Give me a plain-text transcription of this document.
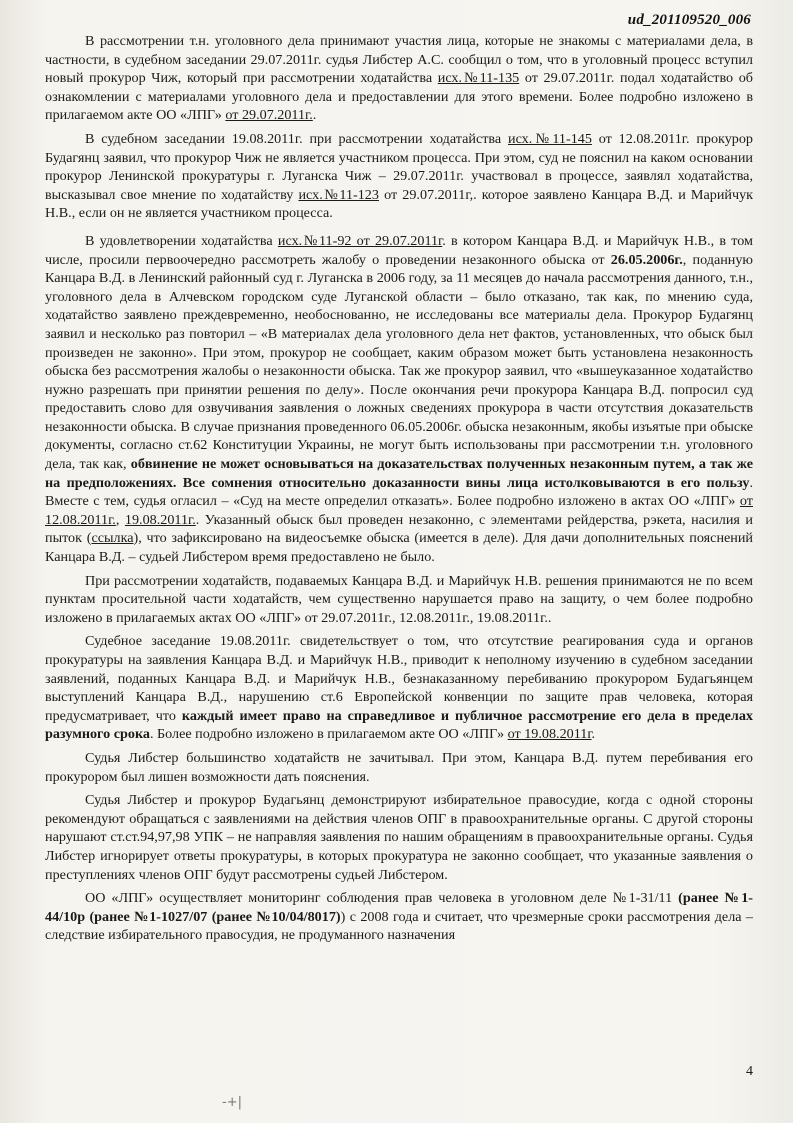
ud_201109520_006

В рассмотрении т.н. уголовного дела принимают участия лица, которые не знакомы с материалами дела, в частности, в судебном заседании 29.07.2011г. судья Либстер А.С. сообщил о том, что в уголовный процесс вступил новый прокурор Чиж, который при рассмотрении ходатайства исх.№11-135 от 29.07.2011г. подал ходатайство об ознакомлении с материалами уголовного дела и предоставлении для этого времени. Более подробно изложено в прилагаемом акте ОО «ЛПГ» от 29.07.2011г..

В судебном заседании 19.08.2011г. при рассмотрении ходатайства исх.№11-145 от 12.08.2011г. прокурор Будагянц заявил, что прокурор Чиж не является участником процесса. При этом, суд не пояснил на каком основании прокурор Ленинской прокуратуры г. Луганска Чиж – 29.07.2011г. участвовал в процессе, заявлял ходатайства, высказывал свое мнение по ходатайству исх.№11-123 от 29.07.2011г,. которое заявлено Канцара В.Д. и Марийчук Н.В., если он не является участником процесса.

В удовлетворении ходатайства исх.№11-92 от 29.07.2011г. в котором Канцара В.Д. и Марийчук Н.В., в том числе, просили первоочередно рассмотреть жалобу о проведении незаконного обыска от 26.05.2006г., поданную Канцара В.Д. в Ленинский районный суд г. Луганска в 2006 году, за 11 месяцев до начала рассмотрения данного, т.н., уголовного дела в Алчевском городском суде Луганской области – было отказано, так как, по мнению суда, ходатайство заявлено преждевременно, необоснованно, не исследованы все материалы дела. Прокурор Будагянц заявил и несколько раз повторил – «В материалах дела уголовного дела нет фактов, установленных, что обыск был произведен не законно». При этом, прокурор не сообщает, каким образом может быть установлена незаконность обыска без рассмотрения жалобы о незаконности обыска. Так же прокурор заявил, что «вышеуказанное ходатайство нужно разрешать при принятии решения по делу». После окончания речи прокурора Канцара В.Д. попросил суд предоставить слово для озвучивания заявления о ложных сведениях прокурора в части отсутствия доказательств незаконности обыска. В случае признания проведенного 06.05.2006г. обыска незаконным, якобы изъятые при обыске документы, согласно ст.62 Конституции Украины, не могут быть использованы при рассмотрении т.н. уголовного дела, так как, обвинение не может основываться на доказательствах полученных незаконным путем, а так же на предположениях. Все сомнения относительно доказанности вины лица истолковываются в его пользу. Вместе с тем, судья огласил – «Суд на месте определил отказать». Более подробно изложено в актах ОО «ЛПГ» от 12.08.2011г., 19.08.2011г.. Указанный обыск был проведен незаконно, с элементами рейдерства, рэкета, насилия и пыток (ссылка), что зафиксировано на видеосъемке обыска (имеется в деле). Для дачи дополнительных пояснений Канцара В.Д. – судьей Либстером время предоставлено не было.

При рассмотрении ходатайств, подаваемых Канцара В.Д. и Марийчук Н.В. решения принимаются не по всем пунктам просительной части ходатайств, чем существенно нарушается право на защиту, о чем более подробно изложено в прилагаемых актах ОО «ЛПГ» от 29.07.2011г., 12.08.2011г., 19.08.2011г..

Судебное заседание 19.08.2011г. свидетельствует о том, что отсутствие реагирования суда и органов прокуратуры на заявления Канцара В.Д. и Марийчук Н.В., приводит к неполному изучению в судебном заседании заявлений, поданных Канцара В.Д. и Марийчук Н.В., безнаказанному перебиванию прокурором Будагьянцем выступлений Канцара В.Д., нарушению ст.6 Европейской конвенции по защите прав человека, которая предусматривает, что каждый имеет право на справедливое и публичное рассмотрение его дела в пределах разумного срока. Более подробно изложено в прилагаемом акте ОО «ЛПГ» от 19.08.2011г.

Судья Либстер большинство ходатайств не зачитывал. При этом, Канцара В.Д. путем перебивания его прокурором был лишен возможности дать пояснения.

Судья Либстер и прокурор Будагьянц демонстрируют избирательное правосудие, когда с одной стороны рекомендуют обращаться с заявлениями на действия членов ОПГ в правоохранительные органы. С другой стороны нарушают ст.ст.94,97,98 УПК – не направляя заявления по нашим обращениям в правоохранительные органы. Судья Либстер игнорирует ответы прокуратуры, в которых прокуратура не законно сообщает, что указанные заявления о преступлениях членов ОПГ будут рассмотрены судьей Либстером.

ОО «ЛПГ» осуществляет мониторинг соблюдения прав человека в уголовном деле №1-31/11 (ранее №1-44/10р (ранее №1-1027/07 (ранее №10/04/8017)) с 2008 года и считает, что чрезмерные сроки рассмотрения дела – следствие избирательного правосудия, не продуманного назначения

4
-+|
